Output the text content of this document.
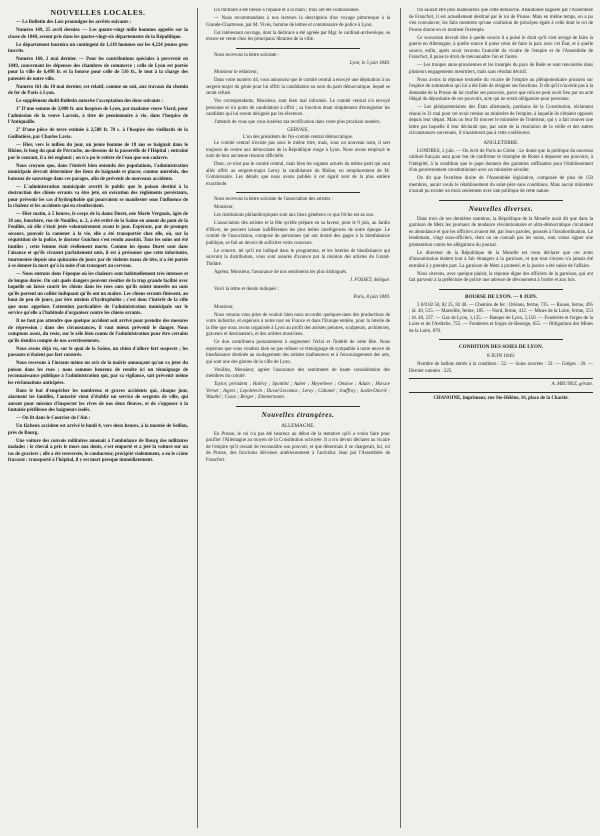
NOUVELLES LOCALES.

— Le Bulletin des Lois promulgue les arrêtés suivants :

Numéro 149, 25 avril dernier. — Les quatre-vingt mille hommes appelés sur la classe de 1848, seront pris dans les quatre-vingt-six départements de la République.

Le département fournira un contingent de 1,118 hommes sur les 4,224 jeunes gens inscrits.

Numéro 160, 2 mai dernier. — Pour les contributions spéciales à percevoir en 1849, concernant les dépenses des chambres de commerce ; celle de Lyon est portée pour la ville de 6,498 fr. et la bourse pour celle de 516 fr., le tout à la charge des patentés de notre ville.

Numéro 161 du 10 mai dernier, est relatif, comme on sait, aux travaux du chemin de fer de Paris à Lyon.

Le supplément dudit Bulletin autorise l'acceptation des dons suivants :

1° D'une somme de 3,000 fr. aux hospices de Lyon, par madame veuve Viard, pour l'admission de la veuve Lacroix, à titre de pensionnaire à vie, dans l'hospice de l'Antiquaille.

2° D'une pièce de terre estimée à 2,588 fr. 70 c. à l'hospice des vieillards de la Guillotière, par Charles Lavie.

— Hier, vers le milieu du jour, un jeune homme de 18 ans se baignait dans le Rhône, le long du quai de Perrache, au-dessous de la passerelle de l'Hôpital ; entraîné par le courant, il a été englouti ; on n'a pu le retirer de l'eau que son cadavre.

Nous croyons que, dans l'intérêt bien entendu des populations, l'administration municipale devrait déterminer des lieux de baignade et placer, comme autrefois, des bateaux de sauvetage dans ces parages, afin de prévenir de nouveaux accidents.

— L'administration municipale avertit le public que le poison destiné à la destruction des chiens errants va être jeté, en exécution des règlements persistants, pour prévenir les cas d'hydrophobie qui pourraient se manifester sous l'influence de la chaleur et les accidents qui en résulteraient.

— Hier matin, à 5 heures, le corps de la dame Duret, née Marie Vergnais, âgée de 38 ans, bouchère, rue de Nouilles, n. 2, a été retiré de la Saône en amont du pont de la Feuillée, où elle s'était jetée volontairement avant le jour. Espérant, par de prompts secours, pouvoir la ramener à la vie, elle a été transportée chez elle, où, sur la réquisition de la police, le docteur Guichon s'est rendu aussitôt. Tous les soins ont été inutiles ; cette femme était réellement morte. Comme les époux Duret sont dans l'aisance et qu'ils vivaient parfaitement unis, il est à présumer que cette infortunée, tourmentée depuis une quinzaine de jours par de violents maux de tête, n'a été portée à se donner la mort qu'à la suite d'un transport au cerveau.

— Nous entrons dans l'époque où les chaleurs sont habituellement très intenses et de longue durée. On sait quels dangers peuvent résulter de la trop grande facilité avec laquelle on laisse courir les chiens dans les rues sans qu'ils soient muselés ou sans qu'ils portent un collier indiquant qu'ils ont un maître. Les chiens errants finissent, au bout de peu de jours, par être atteints d'hydrophobie ; c'est donc l'intérêt de la ville que nous appelons l'attention particulière de l'administration municipale sur le service qu'elle a l'habitude d'organiser contre les chiens errants.

Il ne faut pas attendre que quelque accident soit arrivé pour prendre des mesures de répression ; dans des circonstances, il vaut mieux prévenir le danger. Nous comptons assez, du reste, sur le zèle bien connu de l'administration pour être certains qu'ils tiendra compte de nos avertissements.

Nous avons déjà vu, sur le quai de la Saône, un chien d'allure fort suspecte ; les passants n'étaient pas fort rassurés.

Nous recevons à l'instant même un avis de la mairie annonçant qu'on va jeter du poison dans les rues ; nous sommes heureux de rendre ici un témoignage de reconnaissance publique à l'administration qui, par sa vigilance, sait prévenir même les réclamations anticipées.

Dans le but d'empêcher les nombreux et graves accidents qui, chaque jour, alarment les familles, l'autorité vient d'établir un service de sergents de ville, qui auront pour mission d'inspecter les rives de nos deux fleuves, et de s'opposer à la fantaisie périlleuse des baigneurs isolés.

— On lit dans le Courrier de l'Ain :

Un fâcheux accident est arrivé le lundi 4, vers deux heures, à la montée de Seillon, près de Bourg.

Une voiture des convois militaires amenait à l'ambulance de Bourg des militaires malades : le cheval a pris le mors aux dents, s'est emporté et a jeté la voiture sur un tas de graviers ; elle a été renversée, le conducteur, précipité violemment, a eu le crâne fracassé : transporté à l'hôpital, il y est mort presque immédiatement.

Un militaire a été blessé à l'épaule et à la main ; trois ont été contusionnés.

— Nous recommandons à nos lecteurs la description d'un voyage pittoresque à la Grande-Chartreuse, par M. Vivès, homme de lettres et commissaire de police à Lyon.

Cet intéressant ouvrage, dont la dédicace a été agréée par Mgr. le cardinal-archevêque, se trouve en vente chez les principaux libraires de la ville.

Nous recevons la lettre suivante :

Lyon, le 5 juin 1849.

Monsieur le rédacteur,

Dans votre numéro 44, vous annoncez que le comité central a envoyé une députation à un sergent-major du génie pour lui offrir la candidature au nom du parti démocratique, lequel se serait refusé.

Vos correspondants, Monsieur, sont bien mal informés. Le comité central n'a envoyé personne et n'a point de candidature à offrir ; sa fonction étant simplement d'enregistrer les candidats qui lui seront désignés par les électeurs.

J'attends de vous que vous insériez ma rectification dans votre plus prochain numéro.

GERVAIS,
L'un des présidents de l'ex-comité central démocratique.

Le comité central n'existe pas sous le même titre, mais, sous un nouveau nom, il sert toujours de centre aux démocrates de la République rouge à Lyon. Nous avons employé le nom de leur ancienne réunion officielle.

Donc, ce n'est pas le comité central, mais bien les organes actuels du même parti qui sont allés offrir au sergent-major Leroy la candidature du Rhône, en remplacement de M. Commissaire. Les détails que nous avons publiés à cet égard sont de la plus entière exactitude.

Nous recevons la lettre suivante de l'association des artistes :

Monsieur,

Les institutions philanthropiques sont aux lieux généreux ce que l'écho est au son.

L'association des artistes et la fête qu'elle prépare en sa faveur, pour le 9 juin, au Jardin d'Hiver, ne peuvent laisser indifférentes les plus belles intelligences de notre époque. Le comité de l'association, composé de personnes qui ont donné des gages à la bienfaisance publique, se fait un devoir de solliciter votre concours.

Le concert, tel qu'il est indiqué dans le programme, et les loteries de bienfaisance qui suivront la distribution, vous sont assurés d'avance par la réunion des artistes du Grand-Théâtre.

Agréez, Monsieur, l'assurance de nos sentiments les plus distingués.

J. FOSSET, délégué.

Voici la lettre et dessin indiqués :

Paris, 8 juin 1849.

Monsieur,

Nous venons vous prier de vouloir bien nous accorder quelques-unes des productions de votre industrie, et espérons à notre tour en France et dans l'Europe entière, pour la loterie de la fête que nous avons organisée à Lyon au profit des artistes peintres, sculpteurs, architectes, graveurs et dessinateurs, et des artistes musiciens.

Ce don contribuera puissamment à augmenter l'éclat et l'intérêt de cette fête. Nous espérons que vous voudrez bien ne pas refuser ce témoignage de sympathie à notre œuvre de bienfaisance destinée au soulagement des artistes malheureux et à l'encouragement des arts, qui sont une des gloires de la ville de Lyon.

Veuillez, Monsieur, agréer l'assurance des sentiments de haute considération des membres du comité.

Taylor, président ; Halévy ; Spontini ; Auber ; Meyerbeer ; Onslow ; Adam ; Horace Vernet ; Ingres ; Lepoittevin ; Duval-Lecamus ; Leroy ; Cabanel ; Jouffroy ; Justin-Ouvrié ; Wauthé ; Cosse ; Berger ; Zimmermann.

Nouvelles étrangères.
ALLEMAGNE.

En Prusse, le roi n'a pas été heureux au début de la tentative qu'il a voulu faire pour pacifier l'Allemagne au moyen de la Constitution octroyée. Il a cru devoir déclarer au vicaire de l'empire qu'il cessait de reconnaître son pouvoir, et que désormais il se chargerait, lui, roi de Prusse, des fonctions dévolues antérieurement à l'archiduc Jean par l'Assemblée de Francfort.

On saurait être plus malheureux que cette démarche. Abandonné naguère par l'Assemblée de Francfort, il est actuellement destitué par le roi de Prusse. Mais en même temps, on a pu s'en convaincre, les faits montrent qu'une confusion de principes égale à celle dont le roi de Prusse donne en ce moment l'exemple.

Ce souverain devrait dire à quelle source il a puisé le droit qu'il s'est arrogé de faire la guerre en Allemagne, à quelle source il puise celui de faire la paix avec cet État, et à quelle source, enfin, après avoir reconnu l'autorité du vicaire de l'empire et de l'Assemblée de Francfort, il puise le droit de méconnaître l'un et l'autre.

— Les troupes anno-prussiennes et les insurgés du pays de Bade se sont rencontrés dans plusieurs engagements meurtriers, mais sans résultat décisif.

Nous avons la réponse textuelle du vicaire de l'empire au plénipotentiaire prussien sur l'espèce de sommation qui lui a été faite de résigner ses fonctions. Il dit qu'il n'accède pas à la demande de la Prusse de lui confier ses pouvoirs, parce que cela ne peut avoir lieu par un acte illégal du dépositaire de ces pouvoirs, acte qui ne serait obligatoire pour personne.

— Les plénipotentiaires des États allemands, partisans de la Constitution, réclament réunis le 31 mai pour cet avoir remise au ministère de l'empire, à laquelle ils s'étaient opposés depuis leur départ. Mais on leur fit trouver le ministère de l'intérieur, qui y a fait trouver une lettre par laquelle il leur déclarait que, par suite de la résolution de la veille et des autres circonstances survenues, il n'assisterait pas à cette conférence.

ANGLETERRE.

LONDRES, 2 juin. — On écrit de Paris au Globe : Le doute que la politique du nouveau cabinet français aura pour but de confirmer le triomphe de Rome à dépasser ses pouvoirs, à l'intégrité, à la condition que le pape donnera des garanties suffisantes pour l'établissement d'un gouvernement constitutionnel avec un ministère séculier.

On dit que l'extrême droite de l'Assemblée législative, composée de plus de 150 membres, aurait voulu le rétablissement du saint-père sans conditions. Mais aucun ministère n'aurait pu exister un mois seulement avec une politique de cette nature.

Nouvelles diverses.

Dans trois de ses dernières numéros, la République de la Moselle avait dit que dans la garnison de Metz les journaux de tendance révolutionnaire et ultra-démocratique circulaient en abondance et que les officiers avaient été, par leurs paroles, poussés à l'insubordination. Le lendemain, vingt sous-officiers, dont on ne connaît pas les noms, sont venus signer une protestation contre les allégations du journal.

Le directeur de la République de la Moselle est venu déclarer que ces actes d'insoumission étaient tout à fait étrangers à la garnison, et que tout citoyen n'a jamais été entraîné à y prendre part. La garnison de Metz a protesté, et la justice a été saisie de l'affaire.

Nous citerons, avec quelque plaisir, la réponse digne des officiers de la garnison, qui ont fait parvenir à la préfecture de police une adresse de dévouement à l'ordre et aux lois.

BOURSE DE LYON. — 8 JUIN.

5 0/0 82 50, 82 25, 82 40. — Chemins de fer : Orléans, ferme, 735. — Rouen, ferme, 495 ; id. 40, 515. — Marseille, ferme, 185. — Nord, ferme, 412. — Mines de la Loire, ferme, 253 ; id. 40, 237. — Gaz de Lyon, 1,125. — Banque de Lyon, 2,150. — Fonderies et forges de la Loire et de l'Ardèche, 755. — Fonderies et forges de Bessège, 655. — Obligations des Mines de la Loire, 870.

CONDITION DES SOIES DE LYON.
8 JUIN 1849.

Nombre de ballots entrés à la condition : 52. — Soies ouvrées : 32. — Grèges : 20. — Dernier numéro : 225.

A. MEUNEZ, gérant.
CHANOINE, imprimeur, rue Ste-Hélène, 16, place de la Charité.
